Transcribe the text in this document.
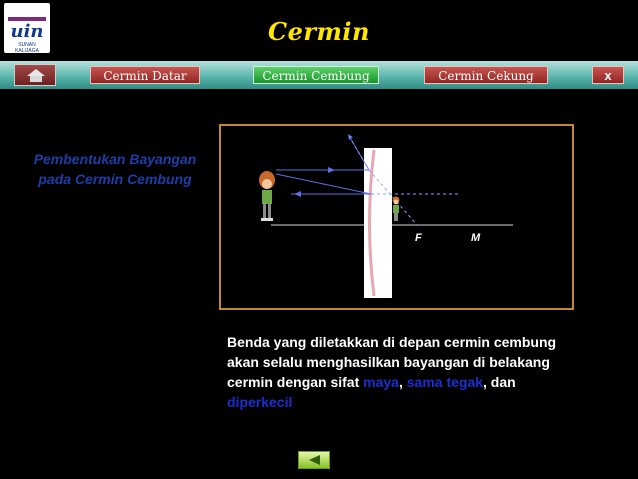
uin
SUNAN KALIJAGA
Cermin
Cermin Datar	Cermin Cembung	Cermin Cekung	x
Pembentukan Bayangan
pada Cermin Cembung
F	M
Benda yang diletakkan di depan cermin cembung akan selalu menghasilkan bayangan di belakang cermin dengan sifat maya, sama tegak, dan diperkecil
